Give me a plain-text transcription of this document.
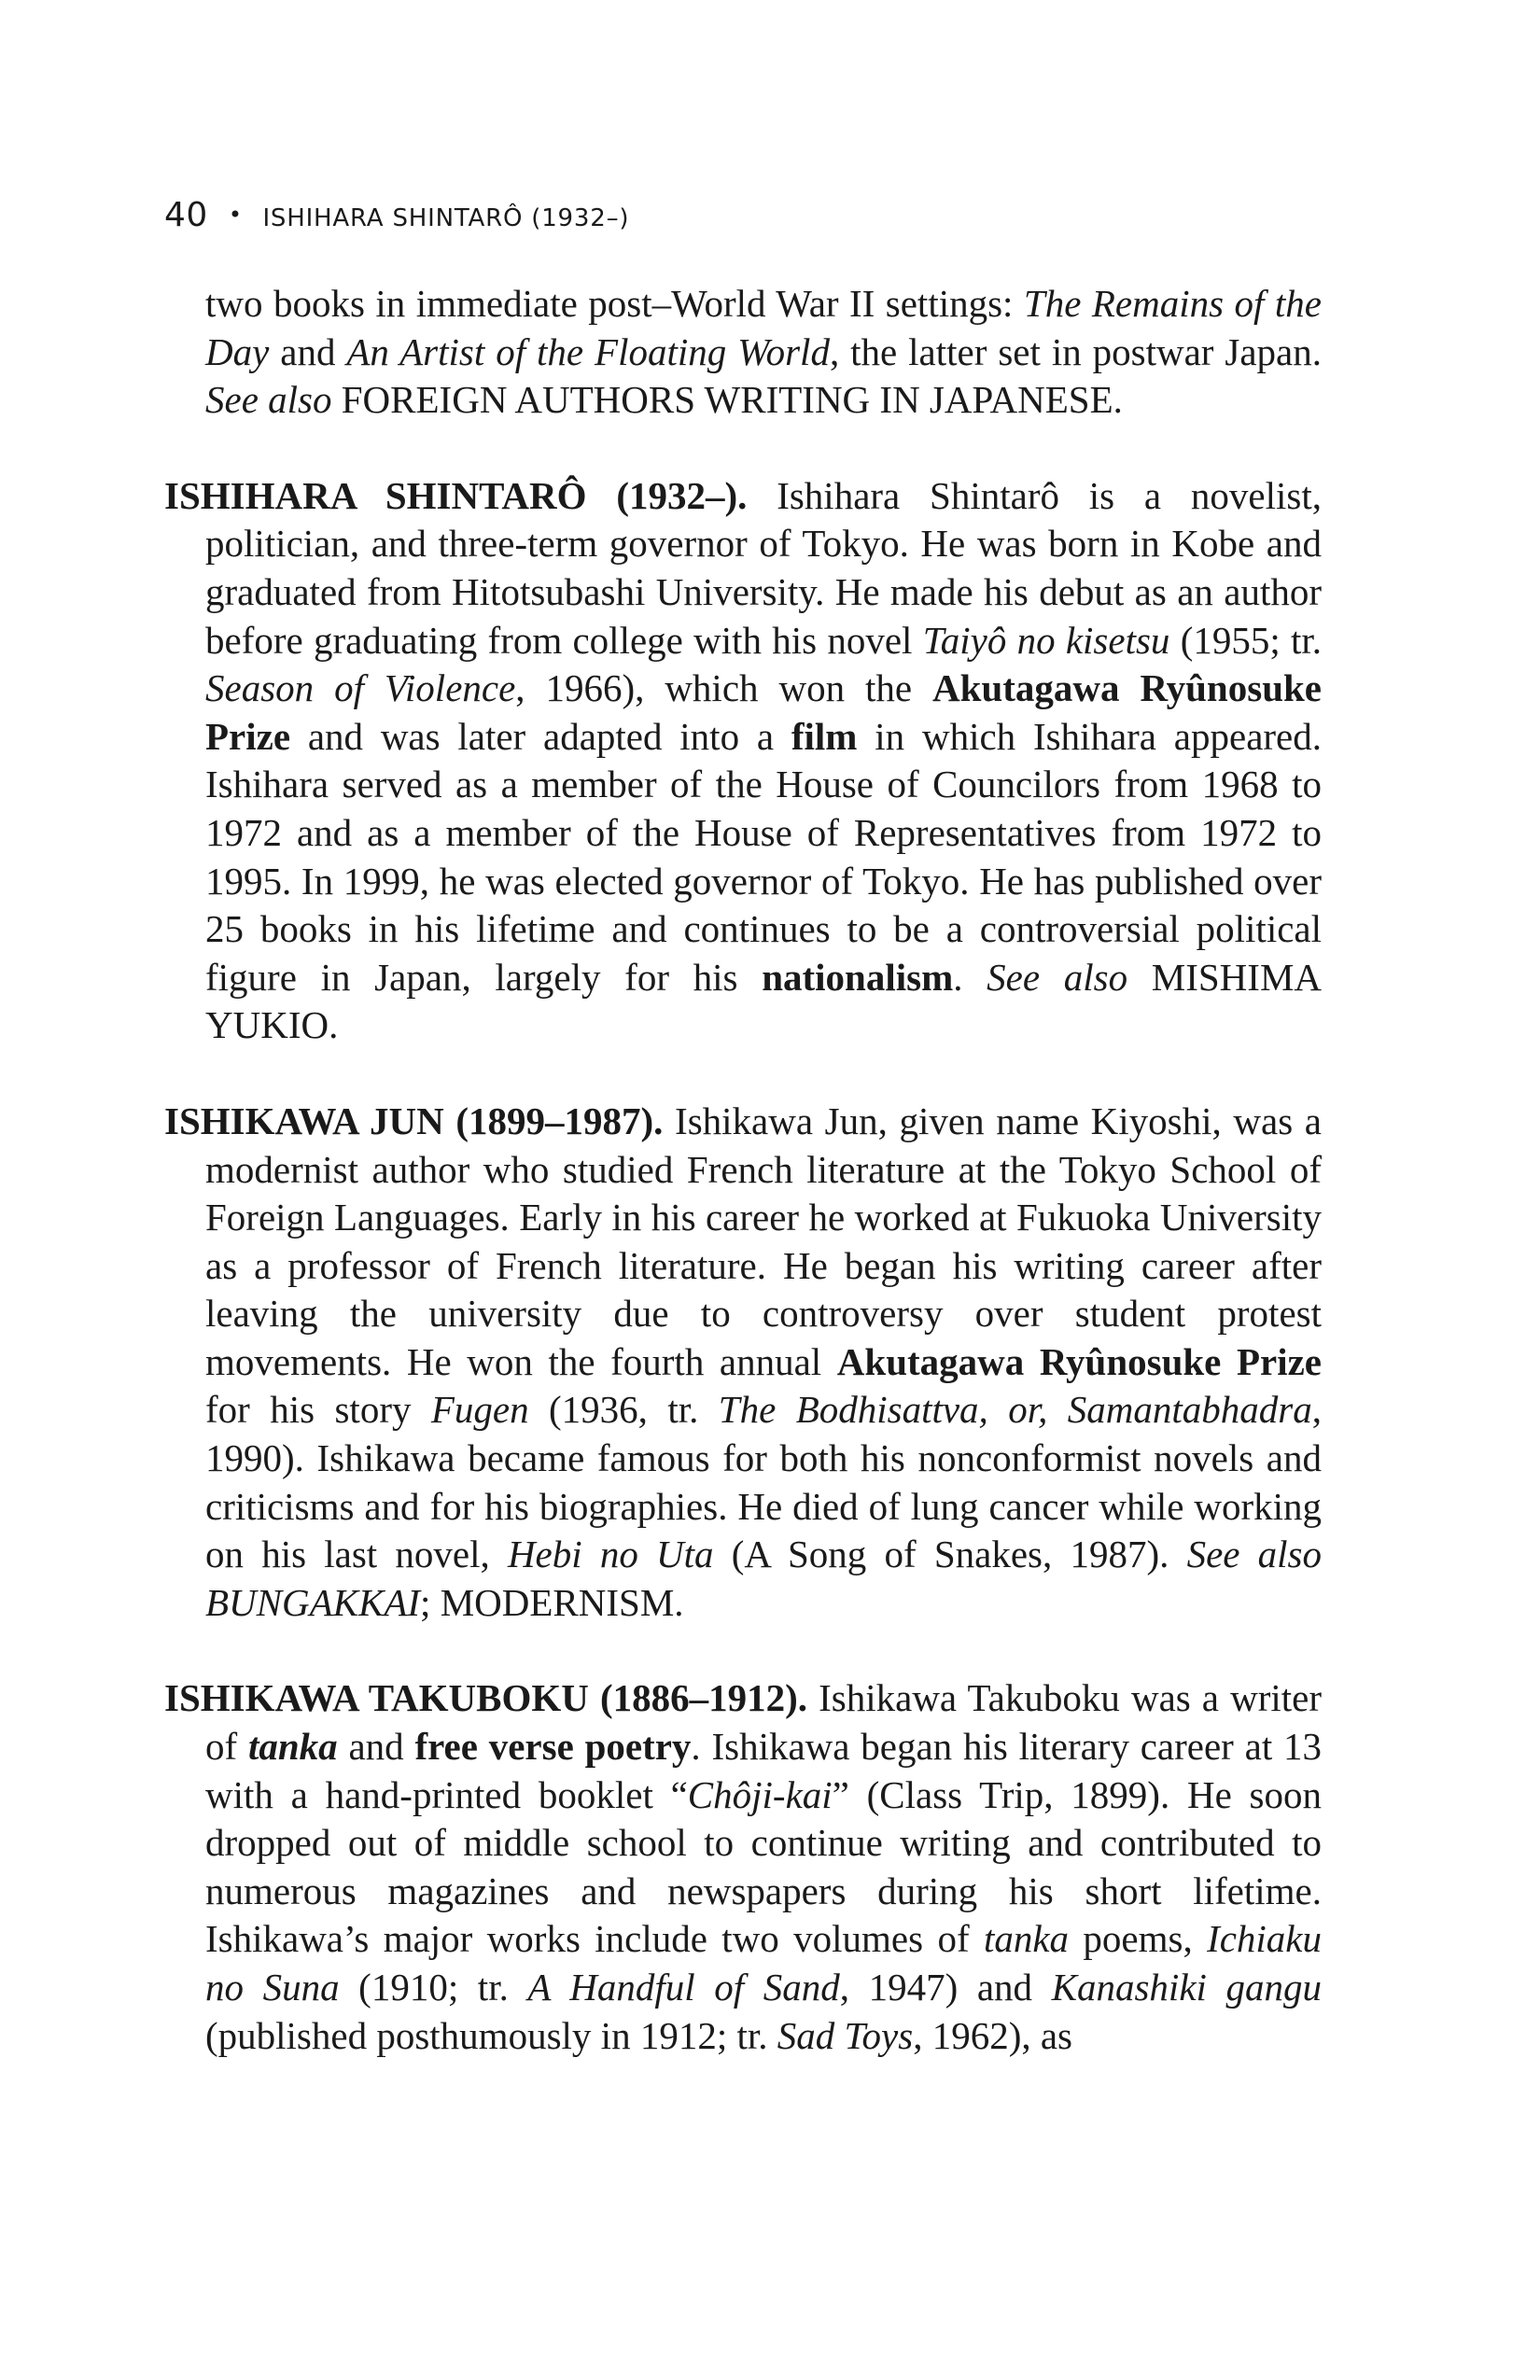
40 • ISHIHARA SHINTARÔ (1932–)

two books in immediate post–World War II settings: The Remains of the Day and An Artist of the Floating World, the latter set in postwar Japan. See also FOREIGN AUTHORS WRITING IN JAPANESE.

ISHIHARA SHINTARÔ (1932–). Ishihara Shintarô is a novelist, politician, and three-term governor of Tokyo. He was born in Kobe and graduated from Hitotsubashi University. He made his debut as an author before graduating from college with his novel Taiyô no kisetsu (1955; tr. Season of Violence, 1966), which won the Akutagawa Ryûnosuke Prize and was later adapted into a film in which Ishihara appeared. Ishihara served as a member of the House of Councilors from 1968 to 1972 and as a member of the House of Representatives from 1972 to 1995. In 1999, he was elected governor of Tokyo. He has published over 25 books in his lifetime and continues to be a controversial political figure in Japan, largely for his nationalism. See also MISHIMA YUKIO.

ISHIKAWA JUN (1899–1987). Ishikawa Jun, given name Kiyoshi, was a modernist author who studied French literature at the Tokyo School of Foreign Languages. Early in his career he worked at Fukuoka University as a professor of French literature. He began his writing career after leaving the university due to controversy over student protest movements. He won the fourth annual Akutagawa Ryûnosuke Prize for his story Fugen (1936, tr. The Bodhisattva, or, Samantabhadra, 1990). Ishikawa became famous for both his nonconformist novels and criticisms and for his biographies. He died of lung cancer while working on his last novel, Hebi no Uta (A Song of Snakes, 1987). See also BUNGAKKAI; MODERNISM.

ISHIKAWA TAKUBOKU (1886–1912). Ishikawa Takuboku was a writer of tanka and free verse poetry. Ishikawa began his literary career at 13 with a hand-printed booklet “Chôji-kai” (Class Trip, 1899). He soon dropped out of middle school to continue writing and contributed to numerous magazines and newspapers during his short lifetime. Ishikawa’s major works include two volumes of tanka poems, Ichiaku no Suna (1910; tr. A Handful of Sand, 1947) and Kanashiki gangu (published posthumously in 1912; tr. Sad Toys, 1962), as
